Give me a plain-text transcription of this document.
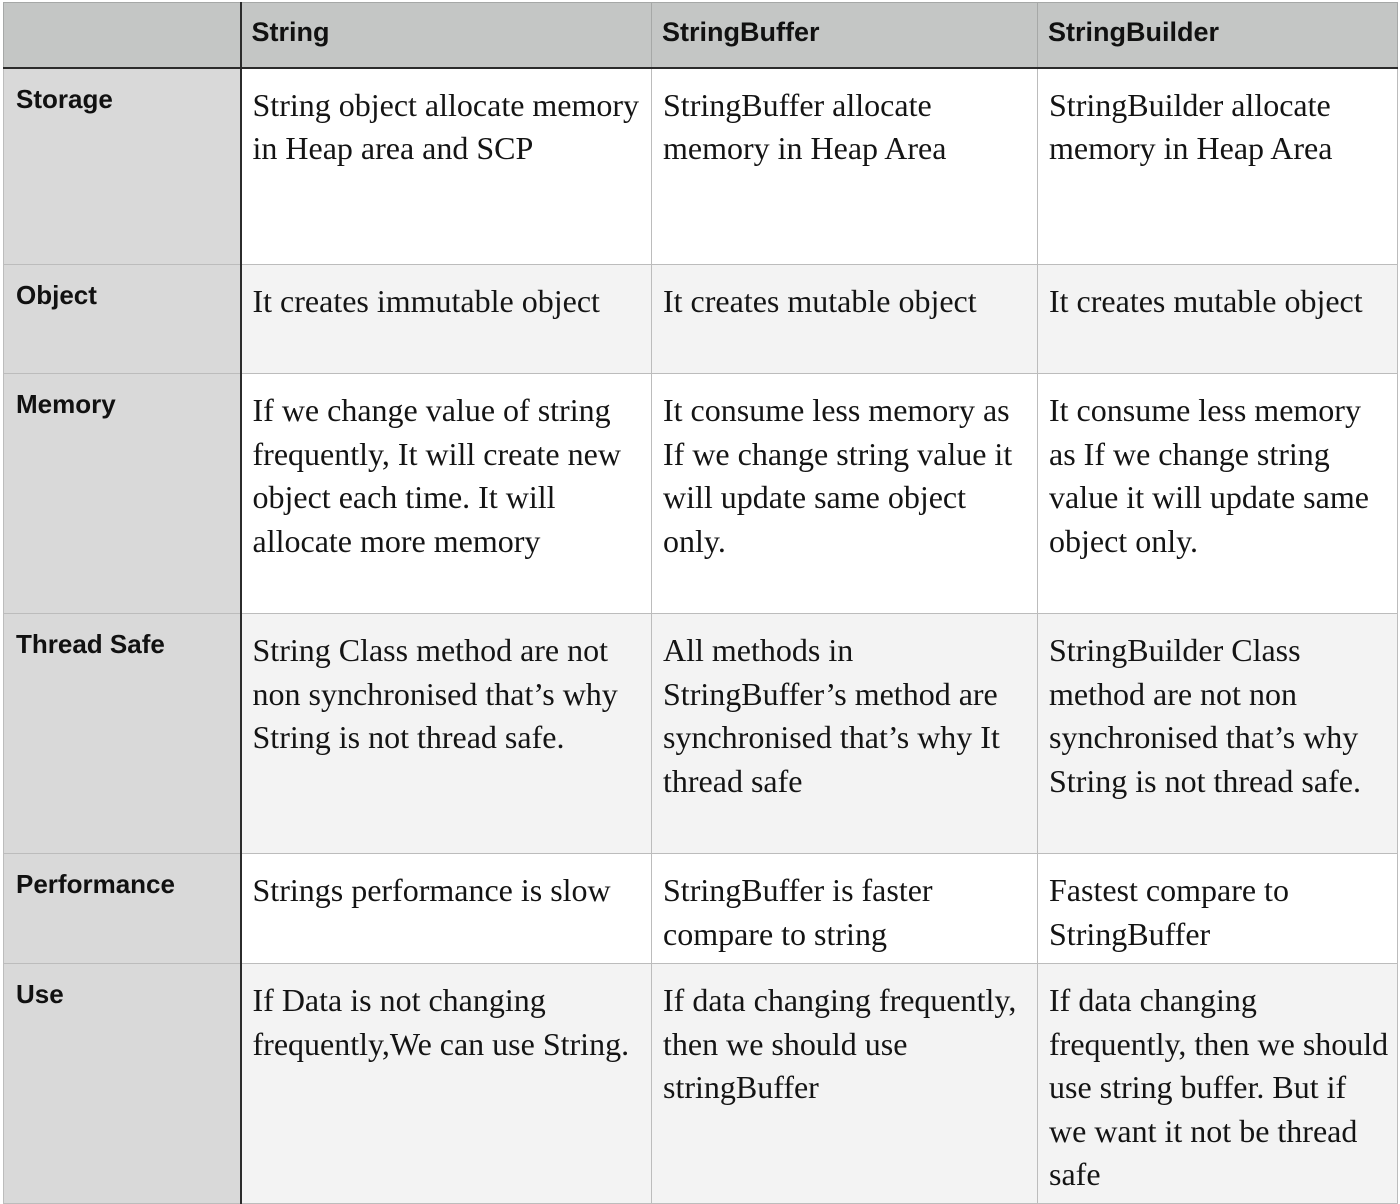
	String	StringBuffer	StringBuilder
Storage	String object allocate memory in Heap area and SCP	StringBuffer allocate memory in Heap Area	StringBuilder allocate memory in Heap Area
Object	It creates immutable object	It creates mutable object	It creates mutable object
Memory	If we change value of string frequently, It will create new object each time. It will allocate more memory	It consume less memory as If we change string value it will update same object only.	It consume less memory as If we change string value it will update same object only.
Thread Safe	String Class method are not non synchronised that’s why String is not thread safe.	All methods in StringBuffer’s method are synchronised that’s why It thread safe	StringBuilder Class method are not non synchronised that’s why String is not thread safe.
Performance	Strings performance is slow	StringBuffer is faster compare to string	Fastest compare to StringBuffer
Use	If Data is not changing frequently,We can use String.	If data changing frequently, then we should use stringBuffer	If data changing frequently, then we should use string buffer. But if we want it not be thread safe
